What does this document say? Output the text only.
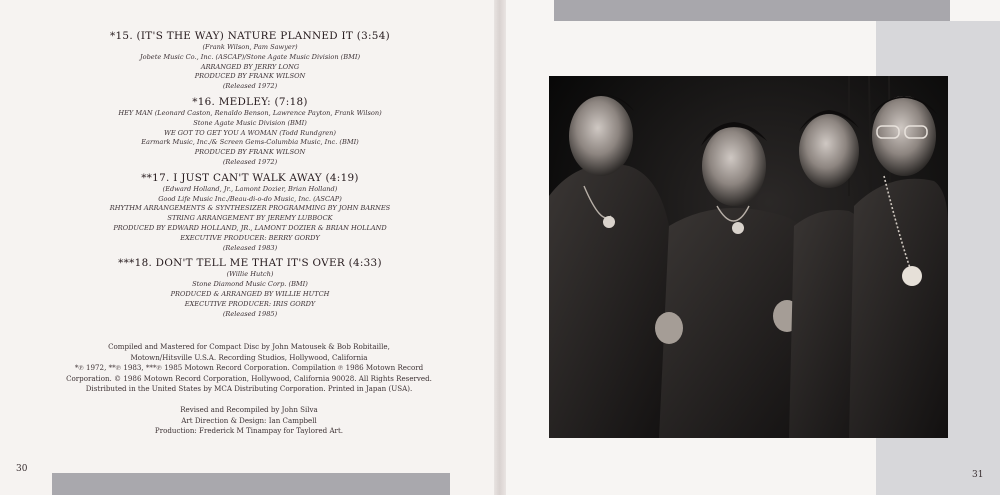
*15. (IT'S THE WAY) NATURE PLANNED IT (3:54)
(Frank Wilson, Pam Sawyer)
Jobete Music Co., Inc. (ASCAP)/Stone Agate Music Division (BMI)
ARRANGED BY JERRY LONG
PRODUCED BY FRANK WILSON
(Released 1972)
*16. MEDLEY: (7:18)
HEY MAN (Leonard Caston, Renaldo Benson, Lawrence Payton, Frank Wilson)
Stone Agate Music Division (BMI)
WE GOT TO GET YOU A WOMAN (Todd Rundgren)
Earmark Music, Inc./& Screen Gems-Columbia Music, Inc. (BMI)
PRODUCED BY FRANK WILSON
(Released 1972)
**17. I JUST CAN'T WALK AWAY (4:19)
(Edward Holland, Jr., Lamont Dozier, Brian Holland)
Good Life Music Inc./Beau-di-o-do Music, Inc. (ASCAP)
RHYTHM ARRANGEMENTS & SYNTHESIZER PROGRAMMING BY JOHN BARNES
STRING ARRANGEMENT BY JEREMY LUBBOCK
PRODUCED BY EDWARD HOLLAND, JR., LAMONT DOZIER & BRIAN HOLLAND
EXECUTIVE PRODUCER: BERRY GORDY
(Released 1983)
***18. DON'T TELL ME THAT IT'S OVER (4:33)
(Willie Hutch)
Stone Diamond Music Corp. (BMI)
PRODUCED & ARRANGED BY WILLIE HUTCH
EXECUTIVE PRODUCER: IRIS GORDY
(Released 1985)
Compiled and Mastered for Compact Disc by John Matousek & Bob Robitaille,
Motown/Hitsville U.S.A. Recording Studios, Hollywood, California
*℗ 1972, **℗ 1983, ***℗ 1985 Motown Record Corporation. Compilation ℗ 1986 Motown Record
Corporation. © 1986 Motown Record Corporation, Hollywood, California 90028. All Rights Reserved.
Distributed in the United States by MCA Distributing Corporation. Printed in Japan (USA).
Revised and Recompiled by John Silva
Art Direction & Design: Ian Campbell
Production: Frederick M Tinampay for Taylored Art.
30
31
